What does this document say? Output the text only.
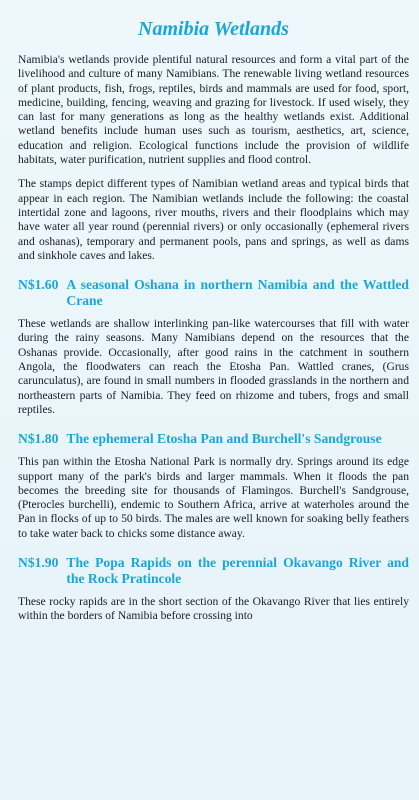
Namibia Wetlands

Namibia's wetlands provide plentiful natural resources and form a vital part of the livelihood and culture of many Namibians. The renewable living wetland resources of plant products, fish, frogs, reptiles, birds and mammals are used for food, sport, medicine, building, fencing, weaving and grazing for livestock. If used wisely, they can last for many generations as long as the healthy wetlands exist. Additional wetland benefits include human uses such as tourism, aesthetics, art, science, education and religion. Ecological functions include the provision of wildlife habitats, water purification, nutrient supplies and flood control.

The stamps depict different types of Namibian wetland areas and typical birds that appear in each region. The Namibian wetlands include the following: the coastal intertidal zone and lagoons, river mouths, rivers and their floodplains which may have water all year round (perennial rivers) or only occasionally (ephemeral rivers and oshanas), temporary and permanent pools, pans and springs, as well as dams and sinkhole caves and lakes.

N$1.60 A seasonal Oshana in northern Namibia and the Wattled Crane

These wetlands are shallow interlinking pan-like watercourses that fill with water during the rainy seasons. Many Namibians depend on the resources that the Oshanas provide. Occasionally, after good rains in the catchment in southern Angola, the floodwaters can reach the Etosha Pan. Wattled cranes, (Grus carunculatus), are found in small numbers in flooded grasslands in the northern and northeastern parts of Namibia. They feed on rhizome and tubers, frogs and small reptiles.

N$1.80 The ephemeral Etosha Pan and Burchell's Sandgrouse

This pan within the Etosha National Park is normally dry. Springs around its edge support many of the park's birds and larger mammals. When it floods the pan becomes the breeding site for thousands of Flamingos. Burchell's Sandgrouse, (Pterocles burchelli), endemic to Southern Africa, arrive at waterholes around the Pan in flocks of up to 50 birds. The males are well known for soaking belly feathers to take water back to chicks some distance away.

N$1.90 The Popa Rapids on the perennial Okavango River and the Rock Pratincole

These rocky rapids are in the short section of the Okavango River that lies entirely within the borders of Namibia before crossing into
